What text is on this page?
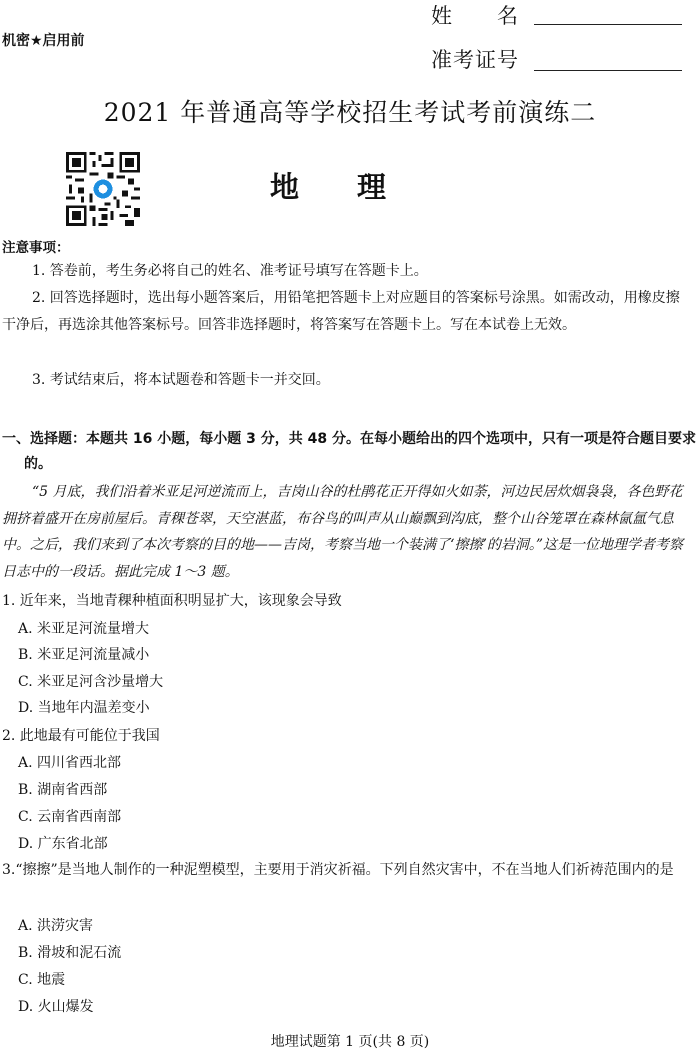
机密★启用前
姓　　名
准考证号
2021 年普通高等学校招生考试考前演练二
地　　理
注意事项：
1. 答卷前，考生务必将自己的姓名、准考证号填写在答题卡上。
2. 回答选择题时，选出每小题答案后，用铅笔把答题卡上对应题目的答案标号涂黑。如需改动，用橡皮擦干净后，再选涂其他答案标号。回答非选择题时，将答案写在答题卡上。写在本试卷上无效。
3. 考试结束后，将本试题卷和答题卡一并交回。
一、选择题：本题共 16 小题，每小题 3 分，共 48 分。在每小题给出的四个选项中，只有一项是符合题目要求的。
“5 月底，我们沿着米亚足河逆流而上，吉岗山谷的杜鹃花正开得如火如荼，河边民居炊烟袅袅，各色野花拥挤着盛开在房前屋后。青稞苍翠，天空湛蓝，布谷鸟的叫声从山巅飘到沟底，整个山谷笼罩在森林氤氲气息中。之后，我们来到了本次考察的目的地——吉岗，考察当地一个装满了‘擦擦’的岩洞。”这是一位地理学者考察日志中的一段话。据此完成 1～3 题。
1. 近年来，当地青稞种植面积明显扩大，该现象会导致
A. 米亚足河流量增大
B. 米亚足河流量减小
C. 米亚足河含沙量增大
D. 当地年内温差变小
2. 此地最有可能位于我国
A. 四川省西北部
B. 湖南省西部
C. 云南省西南部
D. 广东省北部
3.“擦擦”是当地人制作的一种泥塑模型，主要用于消灾祈福。下列自然灾害中，不在当地人们祈祷范围内的是
A. 洪涝灾害
B. 滑坡和泥石流
C. 地震
D. 火山爆发
地理试题第 1 页(共 8 页)
